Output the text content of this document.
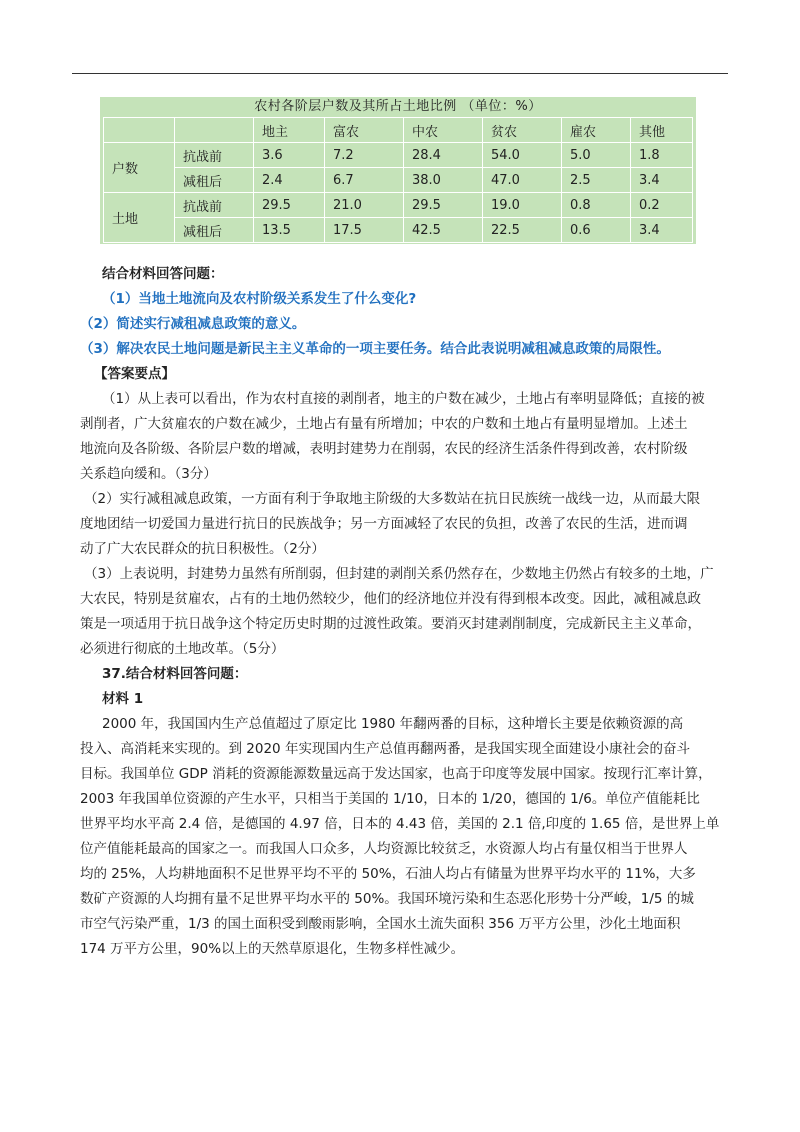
农村各阶层户数及其所占土地比例 （单位：%）
		地主	富农	中农	贫农	雇农	其他
户数	抗战前	3.6	7.2	28.4	54.0	5.0	1.8
	减租后	2.4	6.7	38.0	47.0	2.5	3.4
土地	抗战前	29.5	21.0	29.5	19.0	0.8	0.2
	减租后	13.5	17.5	42.5	22.5	0.6	3.4
结合材料回答问题：
（1）当地土地流向及农村阶级关系发生了什么变化?
（2）简述实行减租减息政策的意义。
（3）解决农民土地问题是新民主主义革命的一项主要任务。结合此表说明减租减息政策的局限性。
【答案要点】
（1）从上表可以看出，作为农村直接的剥削者，地主的户数在减少，土地占有率明显降低；直接的被
剥削者，广大贫雇农的户数在减少，土地占有量有所增加；中农的户数和土地占有量明显增加。上述土
地流向及各阶级、各阶层户数的增减，表明封建势力在削弱，农民的经济生活条件得到改善，农村阶级
关系趋向缓和。（3分）
（2）实行减租减息政策，一方面有利于争取地主阶级的大多数站在抗日民族统一战线一边，从而最大限
度地团结一切爱国力量进行抗日的民族战争；另一方面减轻了农民的负担，改善了农民的生活，进而调
动了广大农民群众的抗日积极性。（2分）
（3）上表说明，封建势力虽然有所削弱，但封建的剥削关系仍然存在，少数地主仍然占有较多的土地，广
大农民，特别是贫雇农，占有的土地仍然较少，他们的经济地位并没有得到根本改变。因此，减租减息政
策是一项适用于抗日战争这个特定历史时期的过渡性政策。要消灭封建剥削制度，完成新民主主义革命，
必须进行彻底的土地改革。（5分）
37.结合材料回答问题：
材料 1
2000 年，我国国内生产总值超过了原定比 1980 年翻两番的目标，这种增长主要是依赖资源的高
投入、高消耗来实现的。到 2020 年实现国内生产总值再翻两番，是我国实现全面建设小康社会的奋斗
目标。我国单位 GDP 消耗的资源能源数量远高于发达国家，也高于印度等发展中国家。按现行汇率计算，
2003 年我国单位资源的产生水平，只相当于美国的 1/10，日本的 1/20，德国的 1/6。单位产值能耗比
世界平均水平高 2.4 倍，是德国的 4.97 倍，日本的 4.43 倍，美国的 2.1 倍,印度的 1.65 倍，是世界上单
位产值能耗最高的国家之一。而我国人口众多，人均资源比较贫乏，水资源人均占有量仅相当于世界人
均的 25%，人均耕地面积不足世界平均不平的 50%，石油人均占有储量为世界平均水平的 11%，大多
数矿产资源的人均拥有量不足世界平均水平的 50%。我国环境污染和生态恶化形势十分严峻，1/5 的城
市空气污染严重，1/3 的国土面积受到酸雨影响，全国水土流失面积 356 万平方公里，沙化土地面积
174 万平方公里，90%以上的天然草原退化，生物多样性减少。
